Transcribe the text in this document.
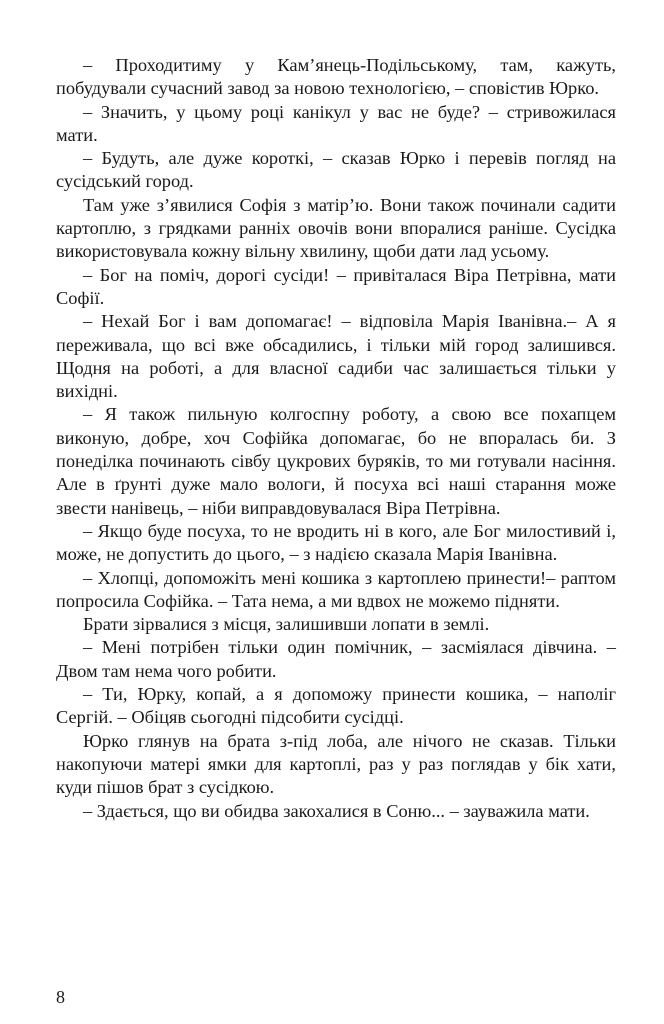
– Проходитиму у Кам’янець-Подільському, там, кажуть, побудували сучасний завод за новою технологією, – сповістив Юрко.

– Значить, у цьому році канікул у вас не буде? – стривожилася мати.

– Будуть, але дуже короткі, – сказав Юрко і перевів погляд на сусідський город.

Там уже з’явилися Софія з матір’ю. Вони також починали садити картоплю, з грядками ранніх овочів вони впоралися раніше. Сусідка використовувала кожну вільну хвилину, щоби дати лад усьому.

– Бог на поміч, дорогі сусіди! – привіталася Віра Петрівна, мати Софії.

– Нехай Бог і вам допомагає! – відповіла Марія Іванівна.– А я переживала, що всі вже обсадились, і тільки мій город залишився. Щодня на роботі, а для власної садиби час залишається тільки у вихідні.

– Я також пильную колгоспну роботу, а свою все похапцем виконую, добре, хоч Софійка допомагає, бо не впоралась би. З понеділка починають сівбу цукрових буряків, то ми готували насіння. Але в ґрунті дуже мало вологи, й посуха всі наші старання може звести нанівець, – ніби виправдовувалася Віра Петрівна.

– Якщо буде посуха, то не вродить ні в кого, але Бог милостивий і, може, не допустить до цього, – з надією сказала Марія Іванівна.

– Хлопці, допоможіть мені кошика з картоплею принести!– раптом попросила Софійка. – Тата нема, а ми вдвох не можемо підняти.

Брати зірвалися з місця, залишивши лопати в землі.

– Мені потрібен тільки один помічник, – засміялася дівчина. – Двом там нема чого робити.

– Ти, Юрку, копай, а я допоможу принести кошика, – наполіг Сергій. – Обіцяв сьогодні підсобити сусідці.

Юрко глянув на брата з-під лоба, але нічого не сказав. Тільки накопуючи матері ямки для картоплі, раз у раз поглядав у бік хати, куди пішов брат з сусідкою.

– Здається, що ви обидва закохалися в Соню... – зауважила мати.

8
